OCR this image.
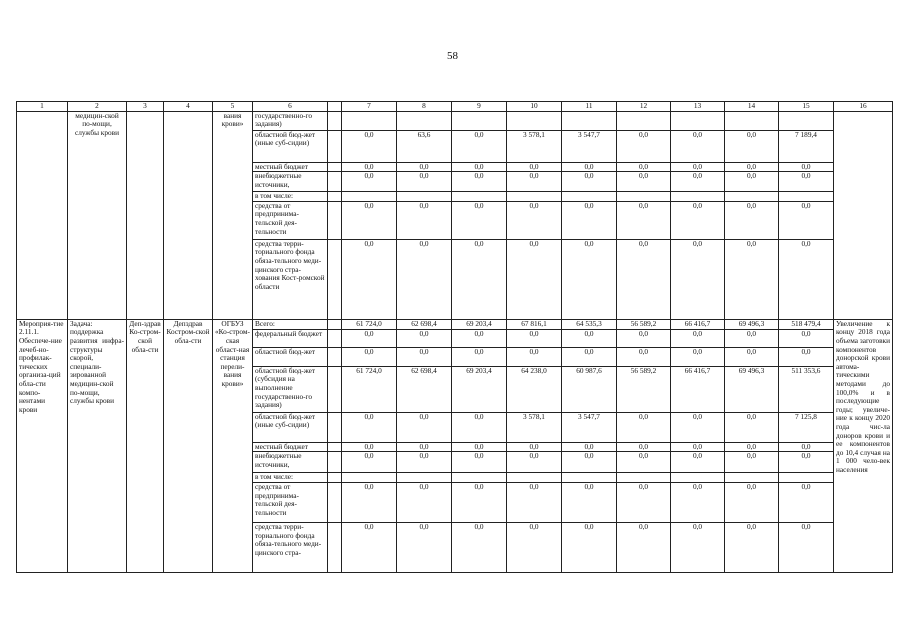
58
1	2	3	4	5	6		7	8	9	10	11	12	13	14	15	16
	медицин-ской по-мощи, службы крови			вания крови»	государственно-го задания)											
					областной бюд-жет (иные суб-сидии)		0,0	63,6	0,0	3 578,1	3 547,7	0,0	0,0	0,0	7 189,4	
					местный бюджет		0,0	0,0	0,0	0,0	0,0	0,0	0,0	0,0	0,0	
					внебюджетные источники,		0,0	0,0	0,0	0,0	0,0	0,0	0,0	0,0	0,0	
					в том числе:											
					средства от предпринима-тельской дея-тельности		0,0	0,0	0,0	0,0	0,0	0,0	0,0	0,0	0,0	
					средства терри-ториального фонда обяза-тельного меди-цинского стра-хования Кост-ромской области		0,0	0,0	0,0	0,0	0,0	0,0	0,0	0,0	0,0	
Мероприя-тие 2.11.1. Обеспече-ние лечеб-но-профилак-тических организа-ций обла-сти компо-нентами крови	Задача: поддержка развития инфра-структуры скорой, специали-зированной медицин-ской по-мощи, службы крови	Деп-здрав Ко-стром-ской обла-сти	Депздрав Костром-ской обла-сти	ОГБУЗ «Ко-стром-ская област-ная станция перели-вания крови»	Всего:		61 724,0	62 698,4	69 203,4	67 816,1	64 535,3	56 589,2	66 416,7	69 496,3	518 479,4	Увеличение к концу 2018 года объема заготовки компонентов донорской крови автома-тическими методами до 100,0% и в последующие годы; увеличе-ние к концу 2020 года чис-ла доноров крови и ее компонентов до 10,4 случая на 1 000 чело-век населения
					федеральный бюджет		0,0	0,0	0,0	0,0	0,0	0,0	0,0	0,0	0,0	
					областной бюд-жет		0,0	0,0	0,0	0,0	0,0	0,0	0,0	0,0	0,0	
					областной бюд-жет (субсидия на выполнение государственно-го задания)		61 724,0	62 698,4	69 203,4	64 238,0	60 987,6	56 589,2	66 416,7	69 496,3	511 353,6	
					областной бюд-жет (иные суб-сидии)		0,0	0,0	0,0	3 578,1	3 547,7	0,0	0,0	0,0	7 125,8	
					местный бюджет		0,0	0,0	0,0	0,0	0,0	0,0	0,0	0,0	0,0	
					внебюджетные источники,		0,0	0,0	0,0	0,0	0,0	0,0	0,0	0,0	0,0	
					в том числе:											
					средства от предпринима-тельской дея-тельности		0,0	0,0	0,0	0,0	0,0	0,0	0,0	0,0	0,0	
					средства терри-ториального фонда обяза-тельного меди-цинского стра-		0,0	0,0	0,0	0,0	0,0	0,0	0,0	0,0	0,0	
